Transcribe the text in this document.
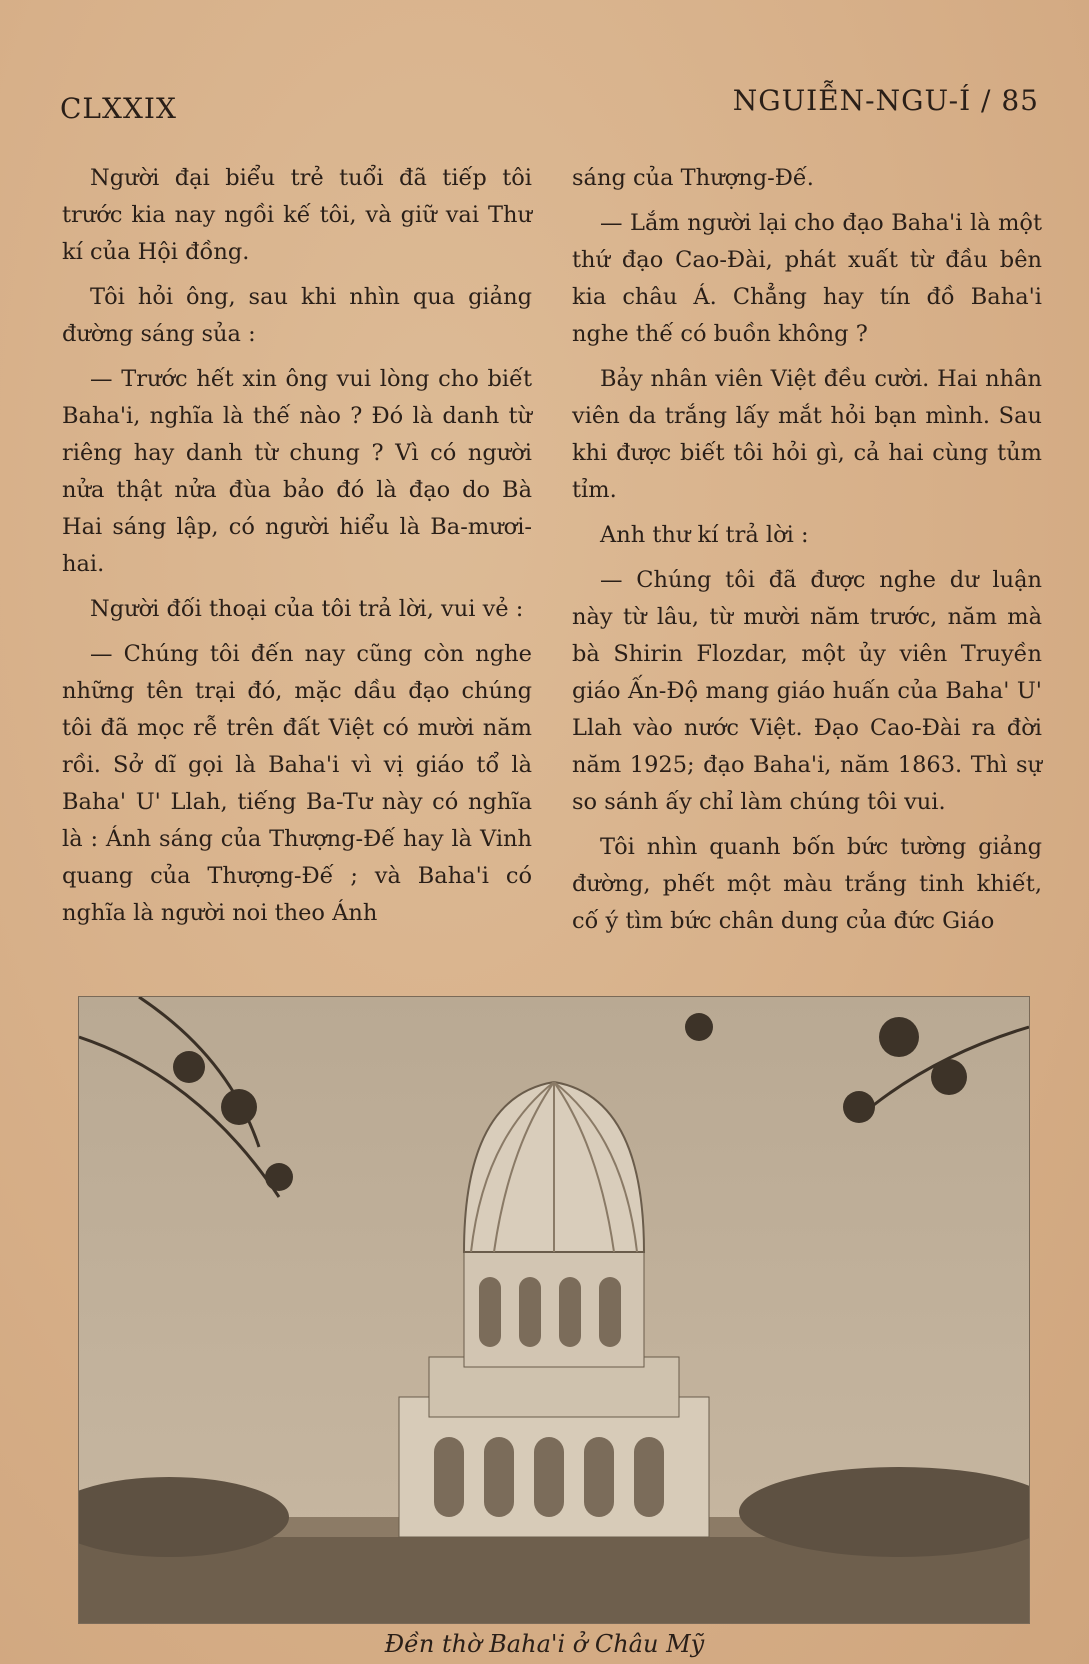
CLXXIX	NGUIỄN-NGU-Í / 85

Người đại biểu trẻ tuổi đã tiếp tôi trước kia nay ngồi kế tôi, và giữ vai Thư kí của Hội đồng.

Tôi hỏi ông, sau khi nhìn qua giảng đường sáng sủa :

— Trước hết xin ông vui lòng cho biết Baha'i, nghĩa là thế nào ? Đó là danh từ riêng hay danh từ chung ? Vì có người nửa thật nửa đùa bảo đó là đạo do Bà Hai sáng lập, có người hiểu là Ba-mươi-hai.

Người đối thoại của tôi trả lời, vui vẻ :

— Chúng tôi đến nay cũng còn nghe những tên trại đó, mặc dầu đạo chúng tôi đã mọc rễ trên đất Việt có mười năm rồi. Sở dĩ gọi là Baha'i vì vị giáo tổ là Baha' U' Llah, tiếng Ba-Tư này có nghĩa là : Ánh sáng của Thượng-Đế hay là Vinh quang của Thượng-Đế ; và Baha'i có nghĩa là người noi theo Ánh

sáng của Thượng-Đế.

— Lắm người lại cho đạo Baha'i là một thứ đạo Cao-Đài, phát xuất từ đầu bên kia châu Á. Chẳng hay tín đồ Baha'i nghe thế có buồn không ?

Bảy nhân viên Việt đều cười. Hai nhân viên da trắng lấy mắt hỏi bạn mình. Sau khi được biết tôi hỏi gì, cả hai cùng tủm tỉm.

Anh thư kí trả lời :

— Chúng tôi đã được nghe dư luận này từ lâu, từ mười năm trước, năm mà bà Shirin Flozdar, một ủy viên Truyền giáo Ấn-Độ mang giáo huấn của Baha' U' Llah vào nước Việt. Đạo Cao-Đài ra đời năm 1925; đạo Baha'i, năm 1863. Thì sự so sánh ấy chỉ làm chúng tôi vui.

Tôi nhìn quanh bốn bức tường giảng đường, phết một màu trắng tinh khiết, cố ý tìm bức chân dung của đức Giáo

Đền thờ Baha'i ở Châu Mỹ
